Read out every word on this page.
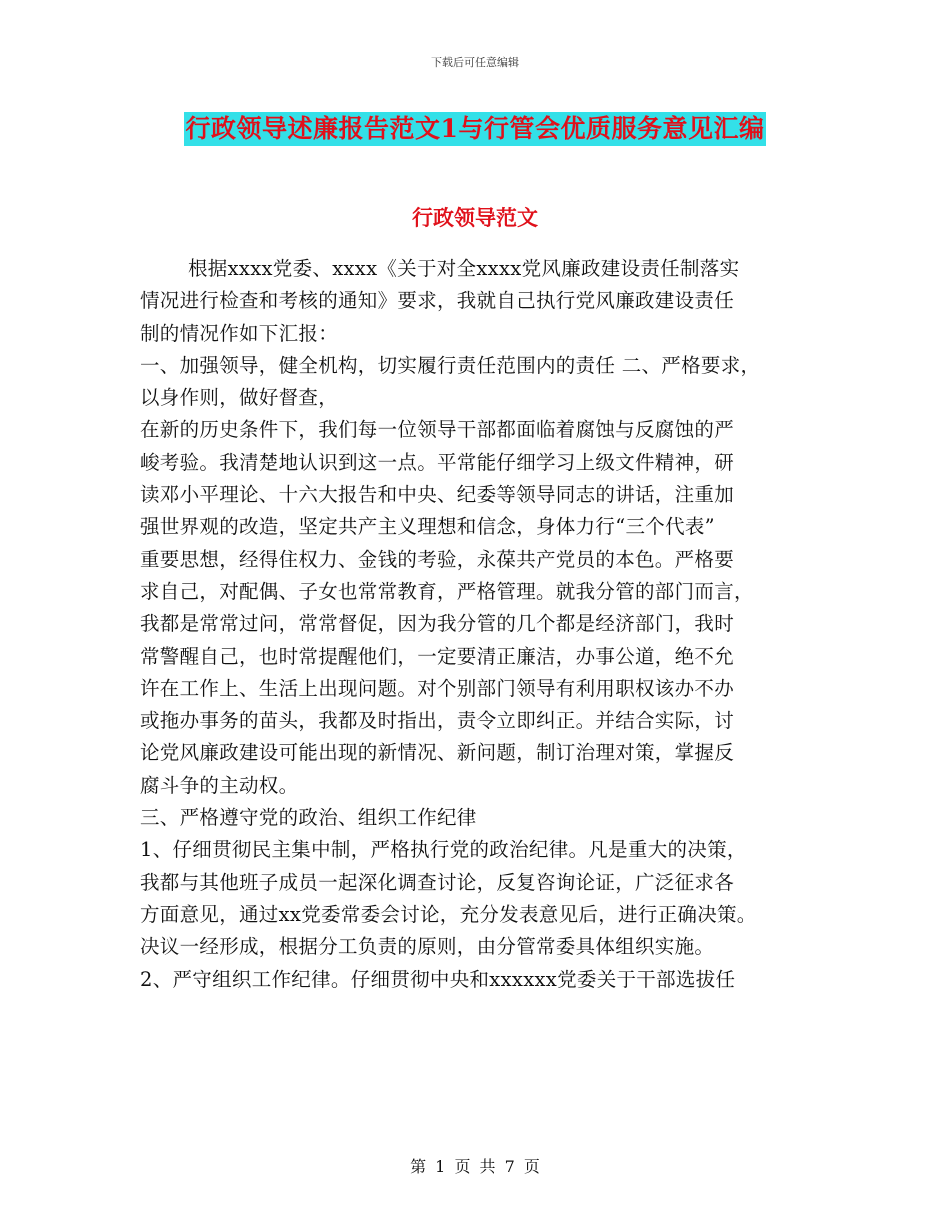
下载后可任意编辑
行政领导述廉报告范文1与行管会优质服务意见汇编
行政领导范文
根据xxxx党委、xxxx《关于对全xxxx党风廉政建设责任制落实
情况进行检查和考核的通知》要求，我就自己执行党风廉政建设责任
制的情况作如下汇报：
一、加强领导，健全机构，切实履行责任范围内的责任 二、严格要求，
以身作则，做好督查，
在新的历史条件下，我们每一位领导干部都面临着腐蚀与反腐蚀的严
峻考验。我清楚地认识到这一点。平常能仔细学习上级文件精神，研
读邓小平理论、十六大报告和中央、纪委等领导同志的讲话，注重加
强世界观的改造，坚定共产主义理想和信念，身体力行“三个代表”
重要思想，经得住权力、金钱的考验，永葆共产党员的本色。严格要
求自己，对配偶、子女也常常教育，严格管理。就我分管的部门而言，
我都是常常过问，常常督促，因为我分管的几个都是经济部门，我时
常警醒自己，也时常提醒他们，一定要清正廉洁，办事公道，绝不允
许在工作上、生活上出现问题。对个别部门领导有利用职权该办不办
或拖办事务的苗头，我都及时指出，责令立即纠正。并结合实际，讨
论党风廉政建设可能出现的新情况、新问题，制订治理对策，掌握反
腐斗争的主动权。
三、严格遵守党的政治、组织工作纪律
1、仔细贯彻民主集中制，严格执行党的政治纪律。凡是重大的决策，
我都与其他班子成员一起深化调查讨论，反复咨询论证，广泛征求各
方面意见，通过xx党委常委会讨论，充分发表意见后，进行正确决策。
决议一经形成，根据分工负责的原则，由分管常委具体组织实施。
2、严守组织工作纪律。仔细贯彻中央和xxxxxx党委关于干部选拔任
第 1 页 共 7 页
